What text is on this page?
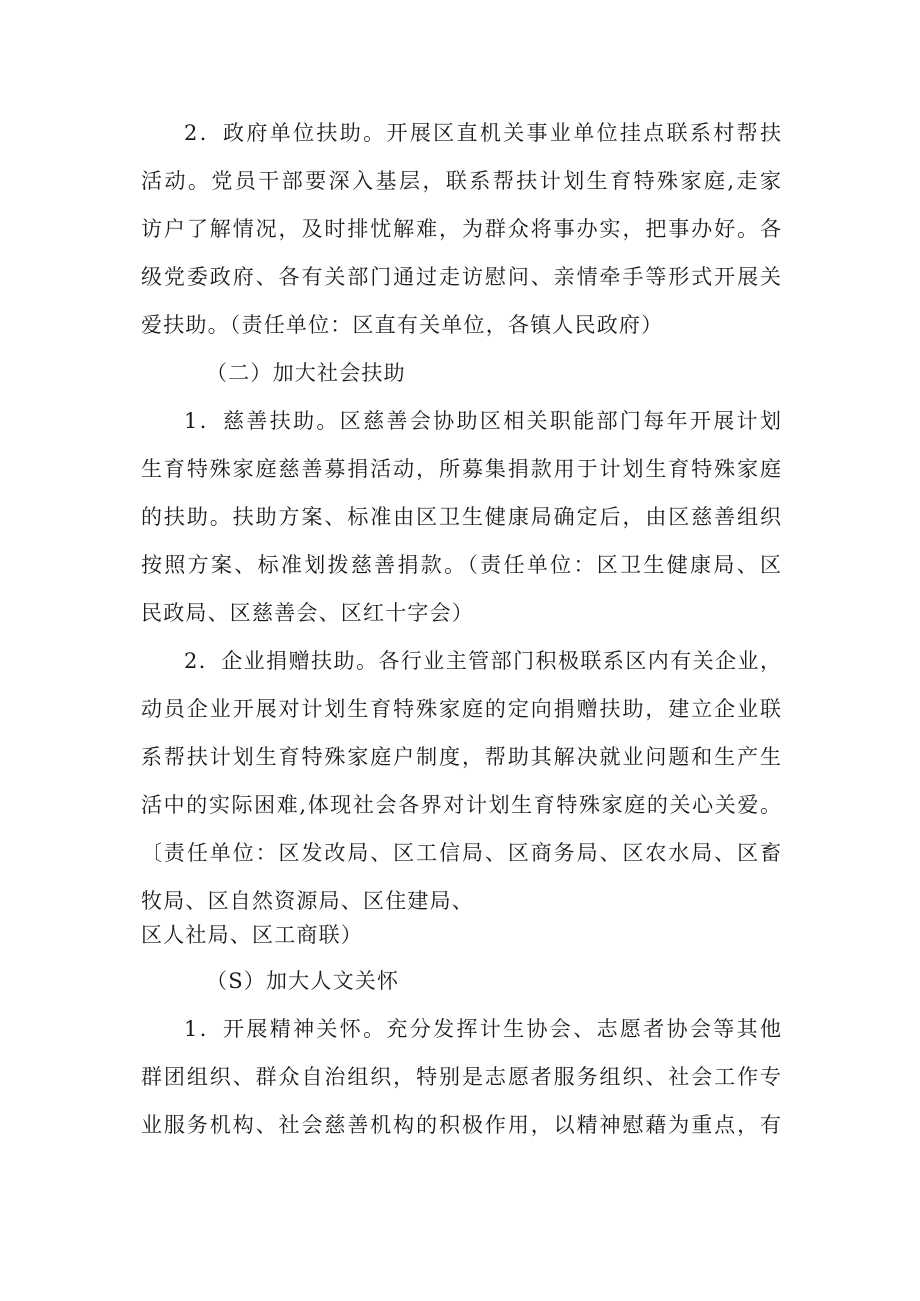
2．政府单位扶助。开展区直机关事业单位挂点联系村帮扶
活动。党员干部要深入基层，联系帮扶计划生育特殊家庭,走家
访户了解情况，及时排忧解难，为群众将事办实，把事办好。各
级党委政府、各有关部门通过走访慰问、亲情牵手等形式开展关
爱扶助。（责任单位：区直有关单位，各镇人民政府）
（二）加大社会扶助
1．慈善扶助。区慈善会协助区相关职能部门每年开展计划
生育特殊家庭慈善募捐活动，所募集捐款用于计划生育特殊家庭
的扶助。扶助方案、标准由区卫生健康局确定后，由区慈善组织
按照方案、标准划拨慈善捐款。（责任单位：区卫生健康局、区
民政局、区慈善会、区红十字会）
2．企业捐赠扶助。各行业主管部门积极联系区内有关企业，
动员企业开展对计划生育特殊家庭的定向捐赠扶助，建立企业联
系帮扶计划生育特殊家庭户制度，帮助其解决就业问题和生产生
活中的实际困难,体现社会各界对计划生育特殊家庭的关心关爱。
〔责任单位：区发改局、区工信局、区商务局、区农水局、区畜
牧局、区自然资源局、区住建局、
区人社局、区工商联）
（S）加大人文关怀
1．开展精神关怀。充分发挥计生协会、志愿者协会等其他
群团组织、群众自治组织，特别是志愿者服务组织、社会工作专
业服务机构、社会慈善机构的积极作用，以精神慰藉为重点，有
